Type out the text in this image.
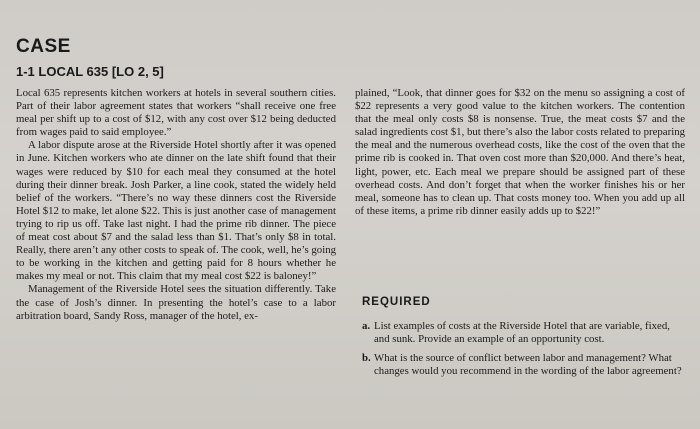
CASE
1-1 LOCAL 635 [LO 2, 5]

Local 635 represents kitchen workers at hotels in several southern cities. Part of their labor agreement states that workers “shall receive one free meal per shift up to a cost of $12, with any cost over $12 being deducted from wages paid to said employee.”

A labor dispute arose at the Riverside Hotel shortly after it was opened in June. Kitchen workers who ate dinner on the late shift found that their wages were reduced by $10 for each meal they consumed at the hotel during their dinner break. Josh Parker, a line cook, stated the widely held belief of the workers. “There’s no way these dinners cost the Riverside Hotel $12 to make, let alone $22. This is just another case of management trying to rip us off. Take last night. I had the prime rib dinner. The piece of meat cost about $7 and the salad less than $1. That’s only $8 in total. Really, there aren’t any other costs to speak of. The cook, well, he’s going to be working in the kitchen and getting paid for 8 hours whether he makes my meal or not. This claim that my meal cost $22 is baloney!”

Management of the Riverside Hotel sees the situation differently. Take the case of Josh’s dinner. In presenting the hotel’s case to a labor arbitration board, Sandy Ross, manager of the hotel, ex-

plained, “Look, that dinner goes for $32 on the menu so assigning a cost of $22 represents a very good value to the kitchen workers. The contention that the meal only costs $8 is nonsense. True, the meat costs $7 and the salad ingredients cost $1, but there’s also the labor costs related to preparing the meal and the numerous overhead costs, like the cost of the oven that the prime rib is cooked in. That oven cost more than $20,000. And there’s heat, light, power, etc. Each meal we prepare should be assigned part of these overhead costs. And don’t forget that when the worker finishes his or her meal, someone has to clean up. That costs money too. When you add up all of these items, a prime rib dinner easily adds up to $22!”

REQUIRED
a. List examples of costs at the Riverside Hotel that are variable, fixed, and sunk. Provide an example of an opportunity cost.
b. What is the source of conflict between labor and management? What changes would you recommend in the wording of the labor agreement?
